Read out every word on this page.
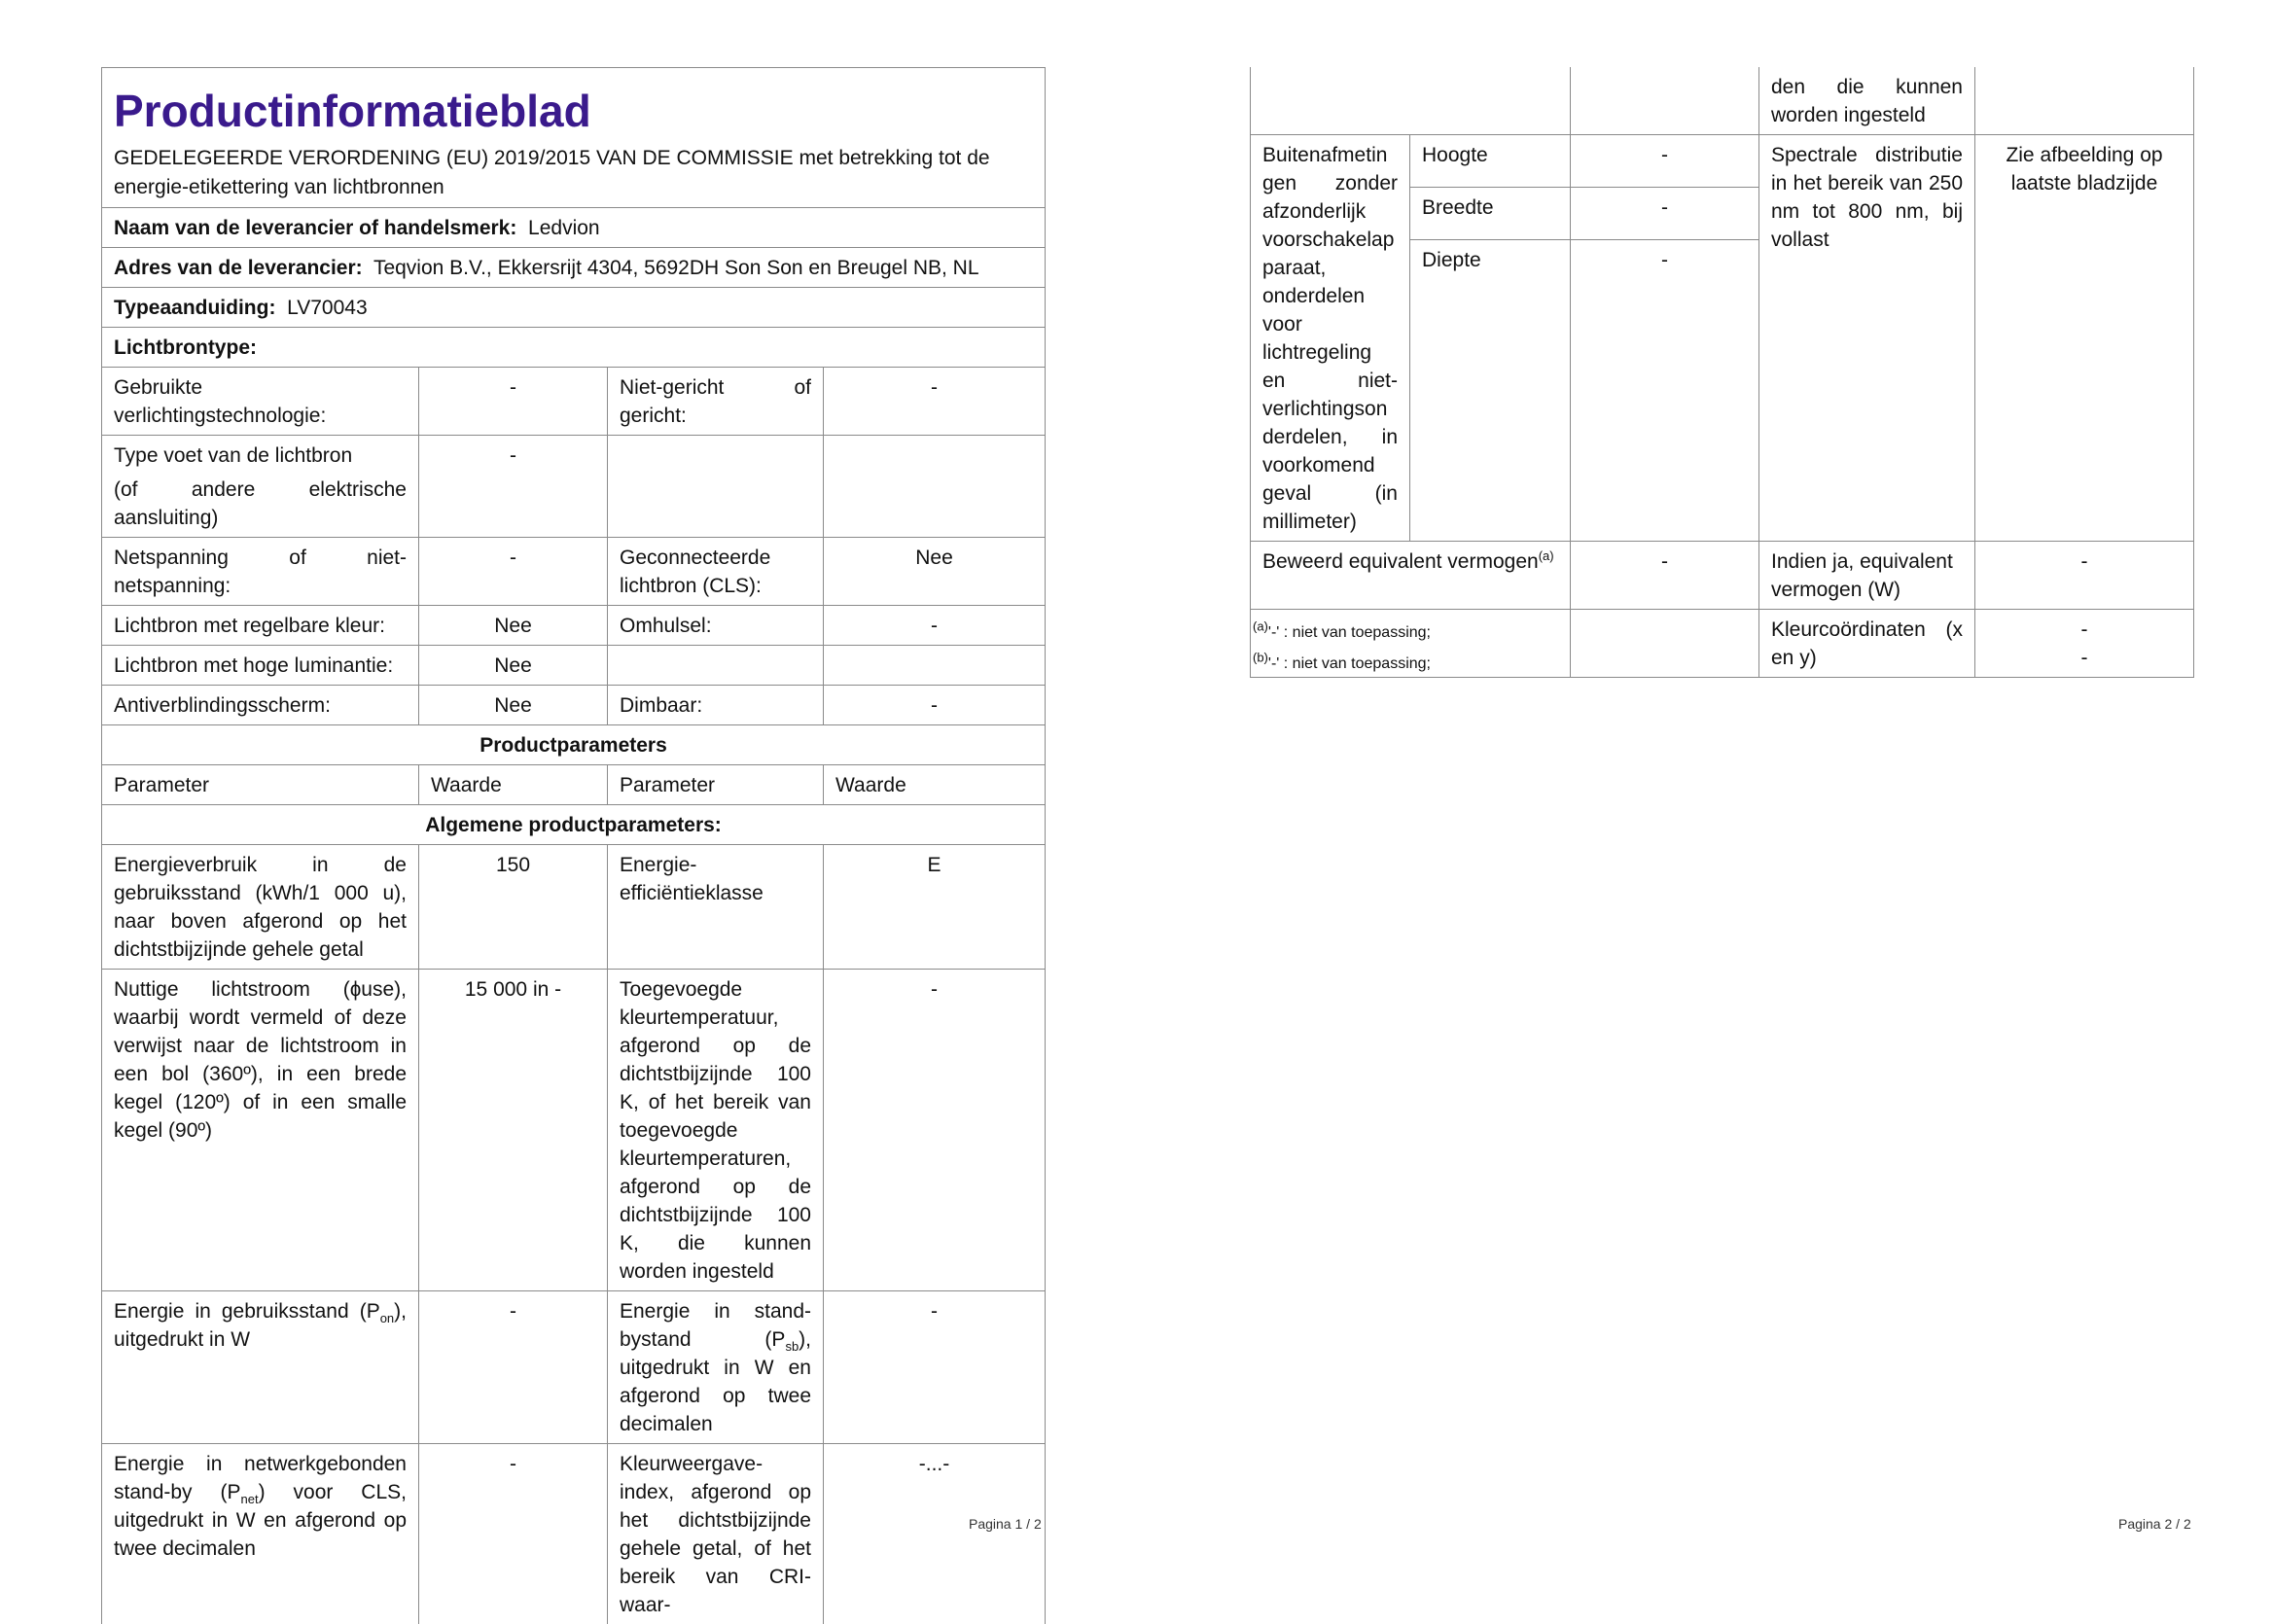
Productinformatieblad
GEDELEGEERDE VERORDENING (EU) 2019/2015 VAN DE COMMISSIE met betrekking tot de energie-etikettering van lichtbronnen			

Naam van de leverancier of handelsmerk: Ledvion			
Adres van de leverancier: Teqvion B.V., Ekkersrijt 4304, 5692DH Son Son en Breugel NB, NL			
Typeaanduiding: LV70043			
Lichtbrontype:			
Gebruikte verlichtingstechnologie:	-	Niet-gericht of gericht:	-

Type voet van de lichtbron
(of andere elektrische aansluiting)	-		
Netspanning of niet-netspanning:	-	Geconnecteerde lichtbron (CLS):	Nee
Lichtbron met regelbare kleur:	Nee	Omhulsel:	-
Lichtbron met hoge luminantie:	Nee		
Antiverblindingsscherm:	Nee	Dimbaar:	-
Productparameters			
Parameter	Waarde	Parameter	Waarde
Algemene productparameters:			
Energieverbruik in de gebruiksstand (kWh/1 000 u), naar boven afgerond op het dichtstbijzijnde gehele getal	150	Energie-efficiëntieklasse	E
Nuttige lichtstroom (ɸuse), waarbij wordt vermeld of deze verwijst naar de lichtstroom in een bol (360º), in een brede kegel (120º) of in een smalle kegel (90º)	15 000 in -	Toegevoegde kleurtemperatuur, afgerond op de dichtstbijzijnde 100 K, of het bereik van toegevoegde kleurtemperaturen, afgerond op de dichtstbijzijnde 100 K, die kunnen worden ingesteld	-
Energie in gebruiksstand $(P_{on})$, uitgedrukt in W	-	Energie in stand-bystand $(P_{sb})$, uitgedrukt in W en afgerond op twee decimalen	-
Energie in netwerkgebonden stand-by $(P_{net})$ voor CLS, uitgedrukt in W en afgerond op twee decimalen	-	Kleurweergave-index, afgerond op het dichtstbijzijnde gehele getal, of het bereik van CRI-waar-	-...-
Pagina 1 / 2
			den die kunnen worden ingesteld	
Buitenafmetingen zonder afzonderlijk voorschakelapparaat, onderdelen voor lichtregeling en niet-verlichtingsonderdelen, in voorkomend geval (in millimeter)	Hoogte	-	Spectrale distributie in het bereik van 250 nm tot 800 nm, bij vollast	Zie afbeelding op laatste bladzijde
	Breedte	-		
	Diepte	-		
Beweerd equivalent vermogen$^{(a)}$		-	Indien ja, equivalent vermogen (W)	-
			Kleurcoördinaten (x en y)	-
-
Pagina 2 / 2
$^{(a)}$'-' : niet van toepassing;
$^{(b)}$'-' : niet van toepassing;
